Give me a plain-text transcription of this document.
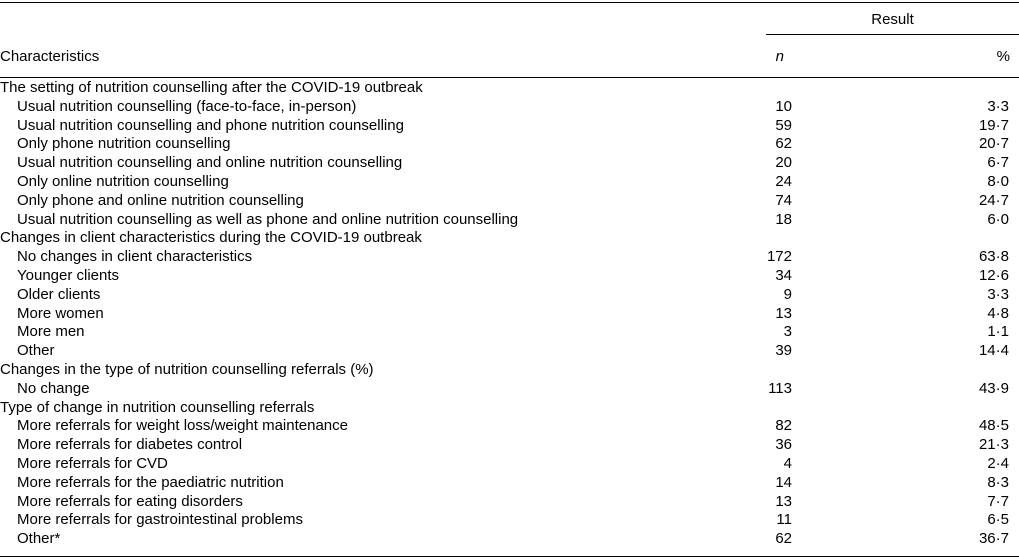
Result
Characteristics	n	%
The setting of nutrition counselling after the COVID-19 outbreak
Usual nutrition counselling (face-to-face, in-person)	10	3·3
Usual nutrition counselling and phone nutrition counselling	59	19·7
Only phone nutrition counselling	62	20·7
Usual nutrition counselling and online nutrition counselling	20	6·7
Only online nutrition counselling	24	8·0
Only phone and online nutrition counselling	74	24·7
Usual nutrition counselling as well as phone and online nutrition counselling	18	6·0
Changes in client characteristics during the COVID-19 outbreak
No changes in client characteristics	172	63·8
Younger clients	34	12·6
Older clients	9	3·3
More women	13	4·8
More men	3	1·1
Other	39	14·4
Changes in the type of nutrition counselling referrals (%)
No change	113	43·9
Type of change in nutrition counselling referrals
More referrals for weight loss/weight maintenance	82	48·5
More referrals for diabetes control	36	21·3
More referrals for CVD	4	2·4
More referrals for the paediatric nutrition	14	8·3
More referrals for eating disorders	13	7·7
More referrals for gastrointestinal problems	11	6·5
Other*	62	36·7
